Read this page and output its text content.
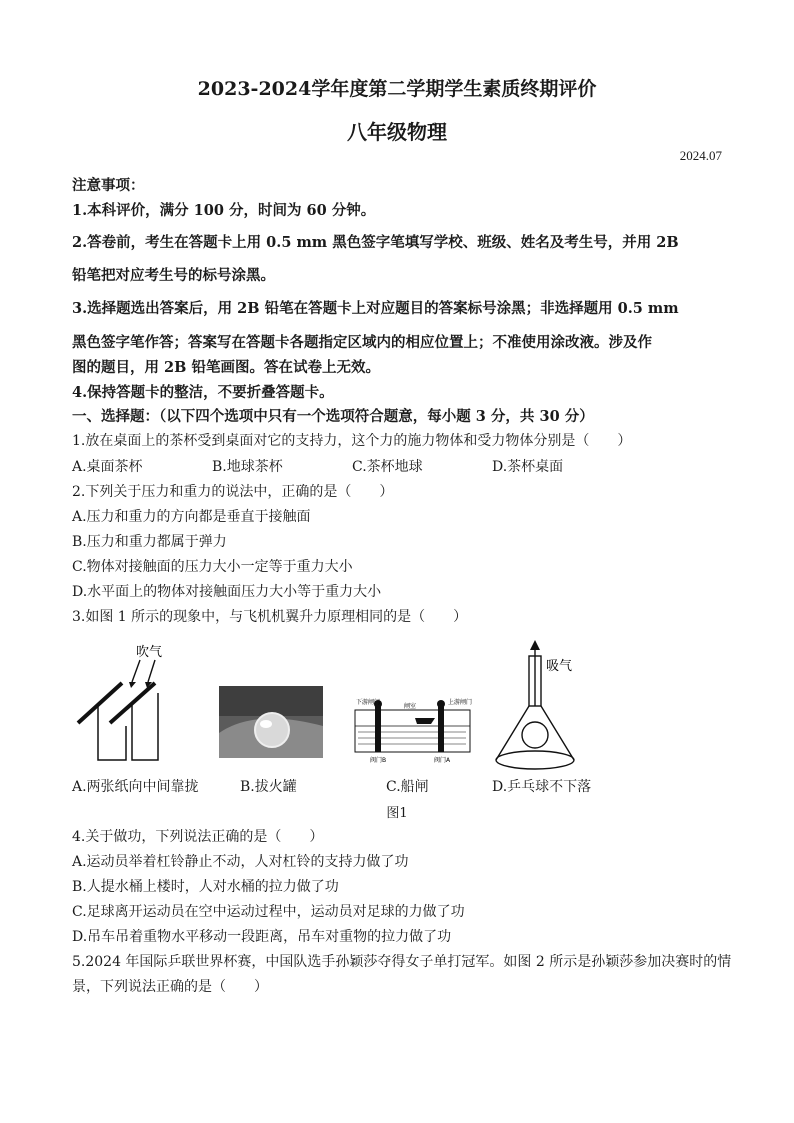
2023-2024学年度第二学期学生素质终期评价
八年级物理
2024.07
注意事项：
1.本科评价，满分 100 分，时间为 60 分钟。
2.答卷前，考生在答题卡上用 0.5 mm 黑色签字笔填写学校、班级、姓名及考生号，并用 2B
铅笔把对应考生号的标号涂黑。
3.选择题选出答案后，用 2B 铅笔在答题卡上对应题目的答案标号涂黑；非选择题用 0.5 mm
黑色签字笔作答；答案写在答题卡各题指定区域内的相应位置上；不准使用涂改液。涉及作
图的题目，用 2B 铅笔画图。答在试卷上无效。
4.保持答题卡的整洁，不要折叠答题卡。
一、选择题：（以下四个选项中只有一个选项符合题意，每小题 3 分，共 30 分）
1.放在桌面上的茶杯受到桌面对它的支持力，这个力的施力物体和受力物体分别是（　　）
A.桌面茶杯	B.地球茶杯	C.茶杯地球	D.茶杯桌面
2.下列关于压力和重力的说法中，正确的是（　　）
A.压力和重力的方向都是垂直于接触面
B.压力和重力都属于弹力
C.物体对接触面的压力大小一定等于重力大小
D.水平面上的物体对接触面压力大小等于重力大小
3.如图 1 所示的现象中，与飞机机翼升力原理相同的是（　　）
吹气
下游闸门
闸室
上游闸门
阀门B	阀门A
吸气
A.两张纸向中间靠拢	B.拔火罐	C.船闸	D.乒乓球不下落
图1
4.关于做功，下列说法正确的是（　　）
A.运动员举着杠铃静止不动，人对杠铃的支持力做了功
B.人提水桶上楼时，人对水桶的拉力做了功
C.足球离开运动员在空中运动过程中，运动员对足球的力做了功
D.吊车吊着重物水平移动一段距离，吊车对重物的拉力做了功
5.2024 年国际乒联世界杯赛，中国队选手孙颖莎夺得女子单打冠军。如图 2 所示是孙颖莎参加决赛时的情
景，下列说法正确的是（　　）
